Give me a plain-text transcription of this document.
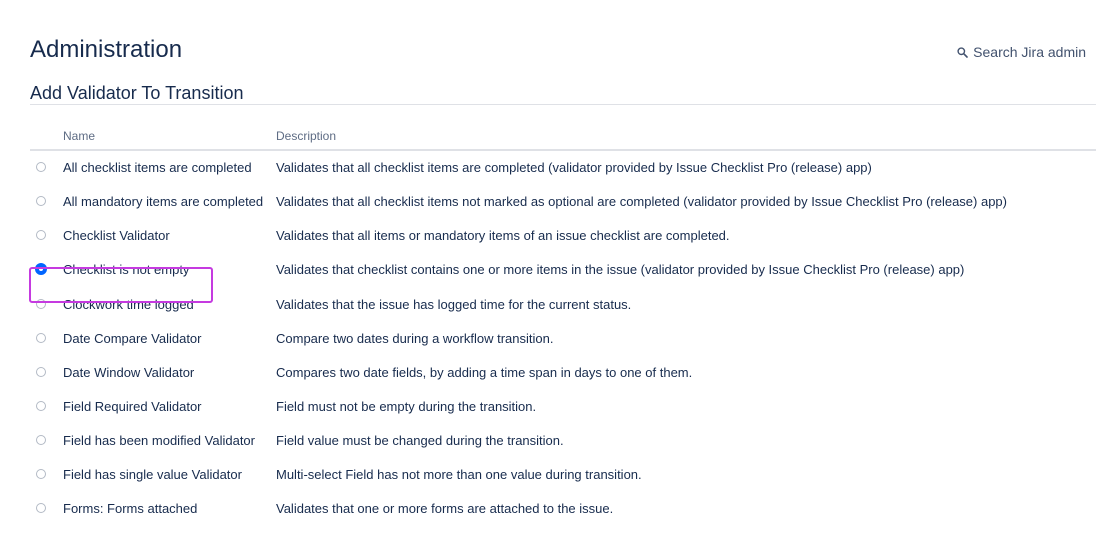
Administration	Search Jira admin
Add Validator To Transition
	Name	Description
	All checklist items are completed	Validates that all checklist items are completed (validator provided by Issue Checklist Pro (release) app)
	All mandatory items are completed	Validates that all checklist items not marked as optional are completed (validator provided by Issue Checklist Pro (release) app)
	Checklist Validator	Validates that all items or mandatory items of an issue checklist are completed.
	Checklist is not empty	Validates that checklist contains one or more items in the issue (validator provided by Issue Checklist Pro (release) app)
	Clockwork time logged	Validates that the issue has logged time for the current status.
	Date Compare Validator	Compare two dates during a workflow transition.
	Date Window Validator	Compares two date fields, by adding a time span in days to one of them.
	Field Required Validator	Field must not be empty during the transition.
	Field has been modified Validator	Field value must be changed during the transition.
	Field has single value Validator	Multi-select Field has not more than one value during transition.
	Forms: Forms attached	Validates that one or more forms are attached to the issue.
